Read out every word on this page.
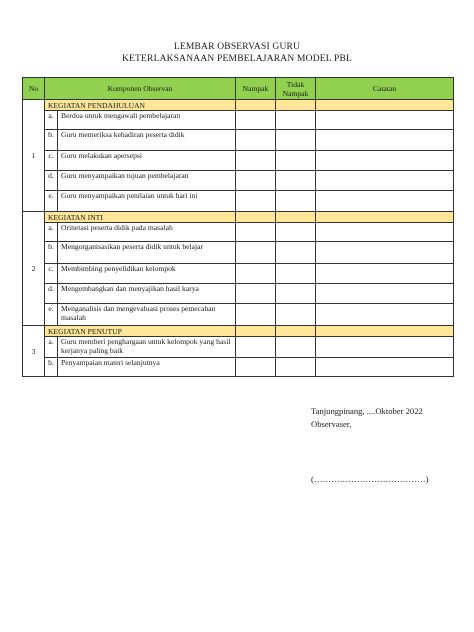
LEMBAR OBSERVASI GURU
KETERLAKSANAAN PEMBELAJARAN MODEL PBL
No	Komponen Observan		Nampak	Tidak Nampak	Catatan
1	KEGIATAN PENDAHULUAN				
	a.	Berdoa untuk mengawali pembelajaran			
	b.	Guru memeriksa kehadiran peserta didik			
	c.	Guru melakukan apersepsi			
	d.	Guru menyampaikan tujuan pembelajaran			
	e.	Guru menyampaikan penilaian untuk hari ini			
2	KEGIATAN INTI				
	a.	Orinetasi peserta didik pada masalah			
	b.	Mengorganisasikan peserta didik untuk belajar			
	c.	Membimbing penyelidikan kelompok			
	d.	Mengembangkan dan menyajikan hasil karya			
	e.	Menganalisis dan mengevaluasi proses pemecahan masalah			
3	KEGIATAN PENUTUP				
	a.	Guru memberi penghargaan untuk kelompok yang hasil kerjanya paling baik			
	b.	Penyampaian materi selanjutnya			
Tanjungpinang, ....Oktober 2022
Observaser,
(…………………………………)
